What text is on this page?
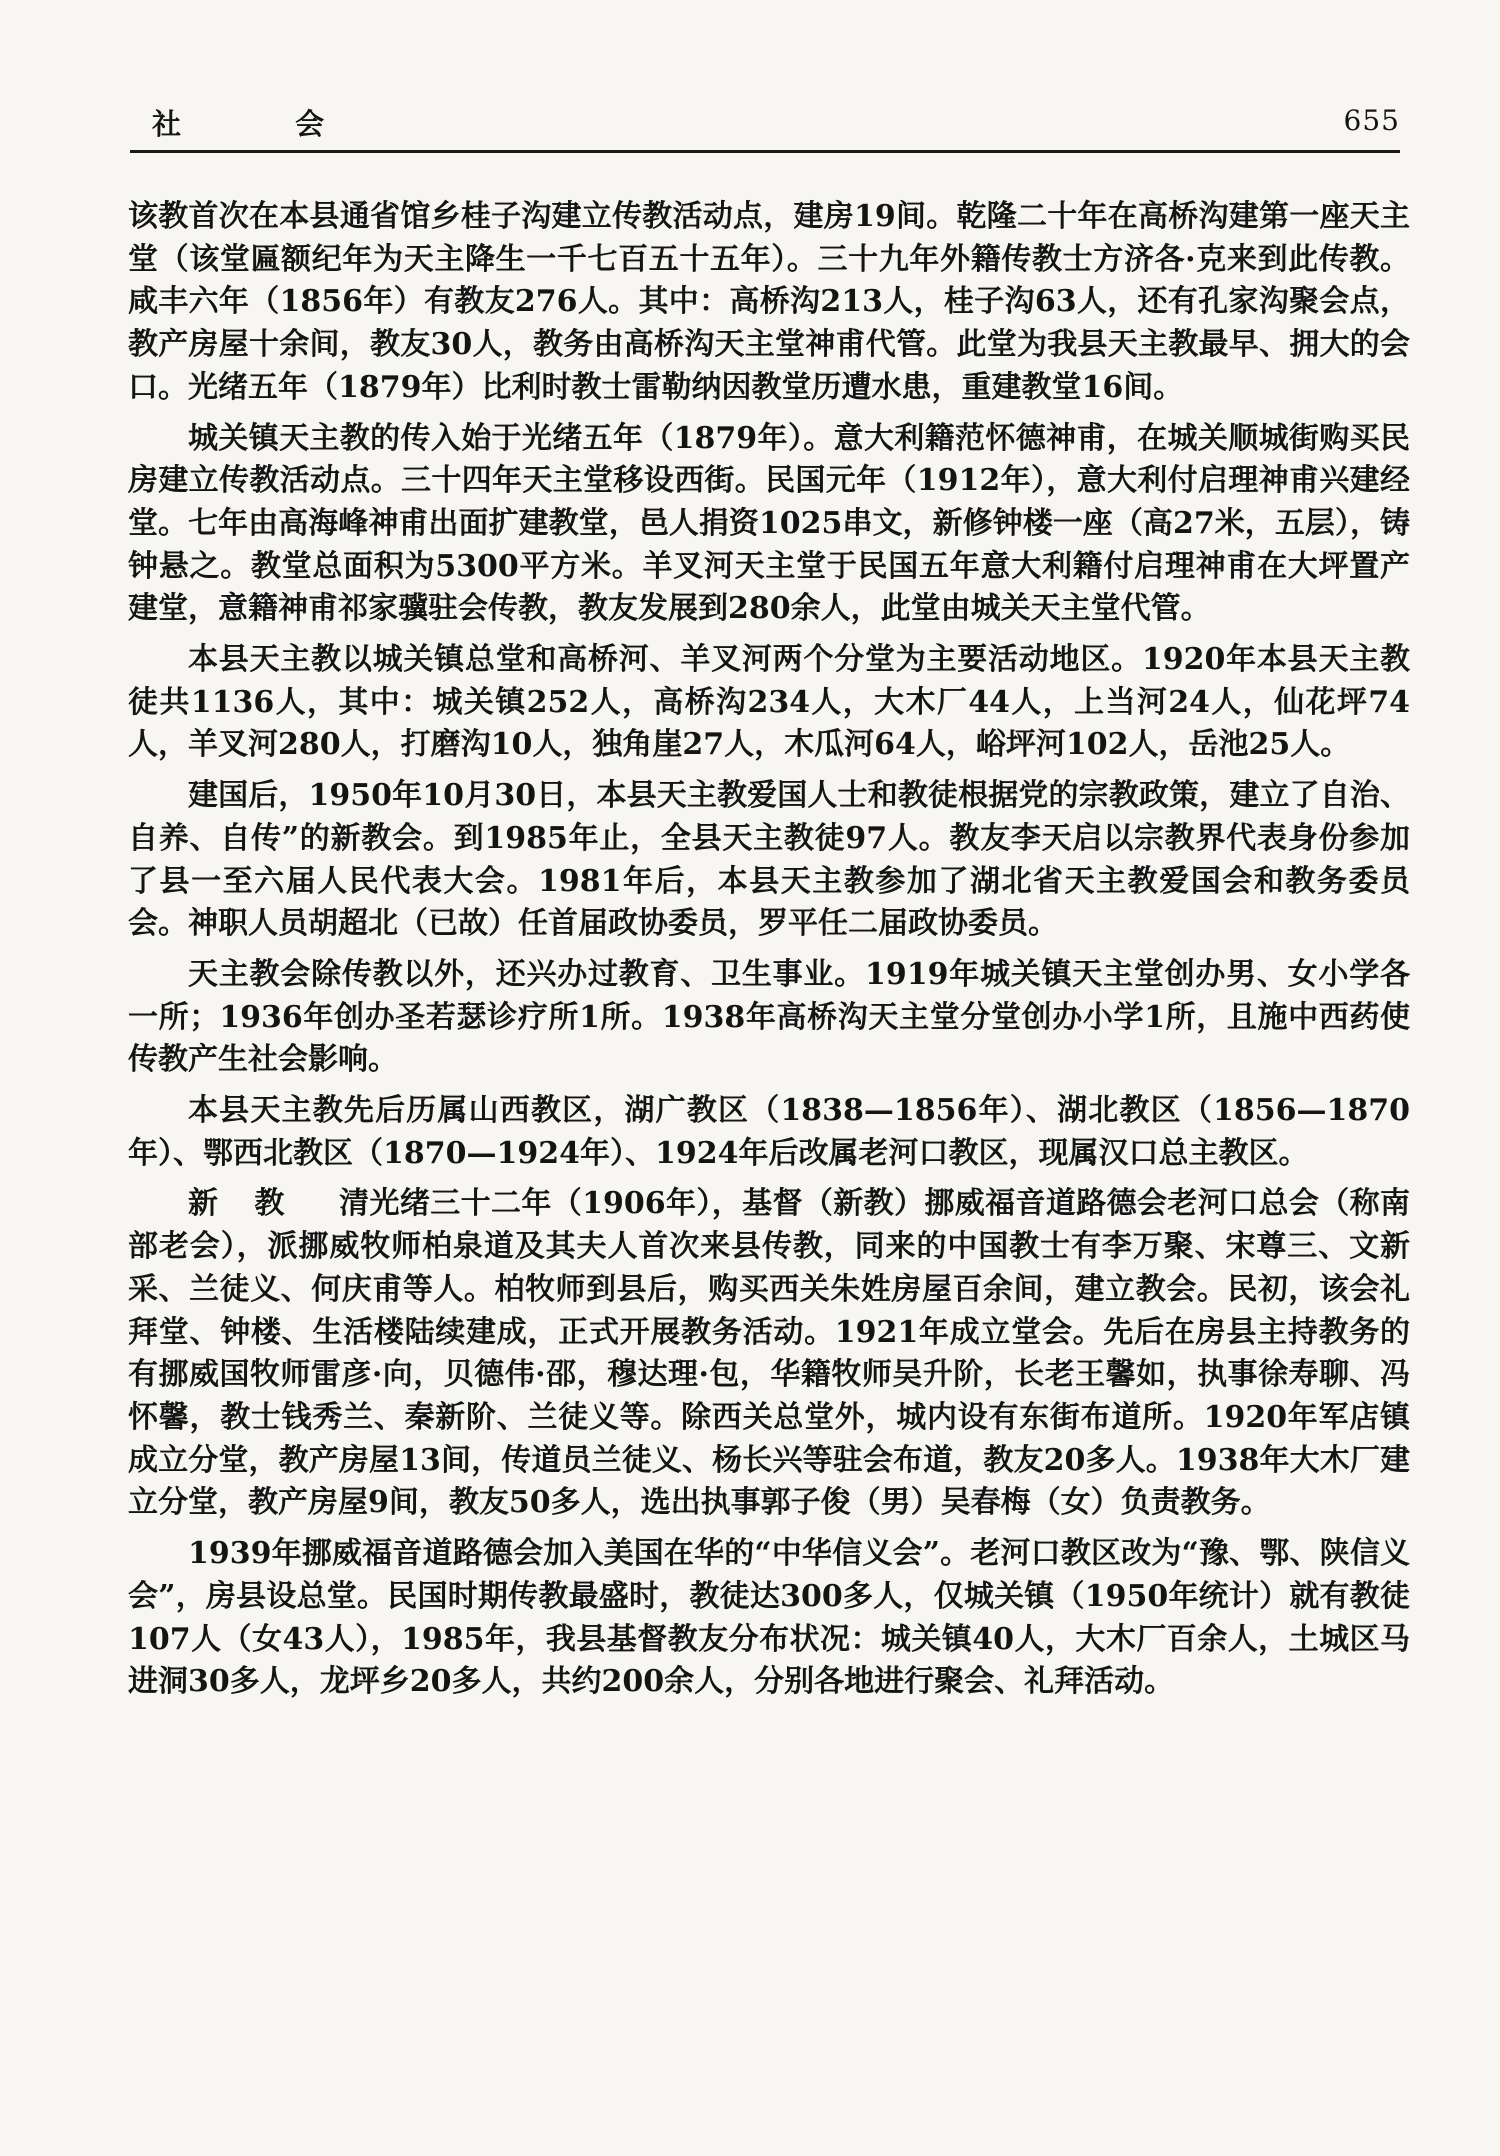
社 会	655

该教首次在本县通省馆乡桂子沟建立传教活动点，建房19间。乾隆二十年在高桥沟建第一座天主堂（该堂匾额纪年为天主降生一千七百五十五年）。三十九年外籍传教士方济各·克来到此传教。咸丰六年（1856年）有教友276人。其中：高桥沟213人，桂子沟63人，还有孔家沟聚会点，教产房屋十余间，教友30人，教务由高桥沟天主堂神甫代管。此堂为我县天主教最早、拥大的会口。光绪五年（1879年）比利时教士雷勒纳因教堂历遭水患，重建教堂16间。

城关镇天主教的传入始于光绪五年（1879年）。意大利籍范怀德神甫，在城关顺城街购买民房建立传教活动点。三十四年天主堂移设西街。民国元年（1912年），意大利付启理神甫兴建经堂。七年由高海峰神甫出面扩建教堂，邑人捐资1025串文，新修钟楼一座（高27米，五层），铸钟悬之。教堂总面积为5300平方米。羊叉河天主堂于民国五年意大利籍付启理神甫在大坪置产建堂，意籍神甫祁家骥驻会传教，教友发展到280余人，此堂由城关天主堂代管。

本县天主教以城关镇总堂和高桥河、羊叉河两个分堂为主要活动地区。1920年本县天主教徒共1136人，其中：城关镇252人，高桥沟234人，大木厂44人，上当河24人，仙花坪74人，羊叉河280人，打磨沟10人，独角崖27人，木瓜河64人，峪坪河102人，岳池25人。

建国后，1950年10月30日，本县天主教爱国人士和教徒根据党的宗教政策，建立了自治、自养、自传”的新教会。到1985年止，全县天主教徒97人。教友李天启以宗教界代表身份参加了县一至六届人民代表大会。1981年后，本县天主教参加了湖北省天主教爱国会和教务委员会。神职人员胡超北（已故）任首届政协委员，罗平任二届政协委员。

天主教会除传教以外，还兴办过教育、卫生事业。1919年城关镇天主堂创办男、女小学各一所；1936年创办圣若瑟诊疗所1所。1938年高桥沟天主堂分堂创办小学1所，且施中西药使传教产生社会影响。

本县天主教先后历属山西教区，湖广教区（1838—1856年）、湖北教区（1856—1870年）、鄂西北教区（1870—1924年）、1924年后改属老河口教区，现属汉口总主教区。

新教 清光绪三十二年（1906年），基督（新教）挪威福音道路德会老河口总会（称南部老会），派挪威牧师柏泉道及其夫人首次来县传教，同来的中国教士有李万聚、宋尊三、文新采、兰徒义、何庆甫等人。柏牧师到县后，购买西关朱姓房屋百余间，建立教会。民初，该会礼拜堂、钟楼、生活楼陆续建成，正式开展教务活动。1921年成立堂会。先后在房县主持教务的有挪威国牧师雷彦·向，贝德伟·邵，穆达理·包，华籍牧师吴升阶，长老王馨如，执事徐寿聊、冯怀馨，教士钱秀兰、秦新阶、兰徒义等。除西关总堂外，城内设有东街布道所。1920年军店镇成立分堂，教产房屋13间，传道员兰徒义、杨长兴等驻会布道，教友20多人。1938年大木厂建立分堂，教产房屋9间，教友50多人，选出执事郭子俊（男）吴春梅（女）负责教务。

1939年挪威福音道路德会加入美国在华的“中华信义会”。老河口教区改为“豫、鄂、陕信义会”，房县设总堂。民国时期传教最盛时，教徒达300多人，仅城关镇（1950年统计）就有教徒107人（女43人），1985年，我县基督教友分布状况：城关镇40人，大木厂百余人，土城区马进洞30多人，龙坪乡20多人，共约200余人，分别各地进行聚会、礼拜活动。
